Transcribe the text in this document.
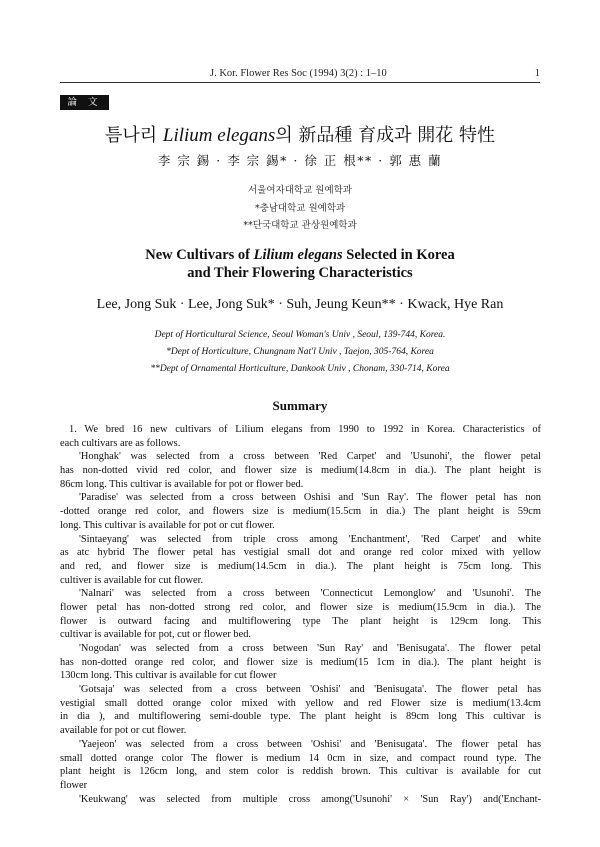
J. Kor. Flower Res Soc (1994) 3(2) : 1–10	1
論 文
틈나리 Lilium elegans의 新品種 育成과 開花 特性
李 宗 錫 · 李 宗 錫* · 徐 正 根** · 郭 惠 蘭
서울여자대학교 원예학과
*충남대학교 원예학과
**단국대학교 관상원예학과
New Cultivars of Lilium elegans Selected in Korea
and Their Flowering Characteristics
Lee, Jong Suk · Lee, Jong Suk* · Suh, Jeung Keun** · Kwack, Hye Ran
Dept of Horticultural Science, Seoul Woman's Univ , Seoul, 139-744, Korea.
*Dept of Horticulture, Chungnam Nat'l Univ , Taejon, 305-764, Korea
**Dept of Ornamental Horticulture, Dankook Univ , Chonam, 330-714, Korea
Summary
1. We bred 16 new cultivars of Lilium elegans from 1990 to 1992 in Korea. Characteristics of
each cultivars are as follows.
'Honghak' was selected from a cross between 'Red Carpet' and 'Usunohi', the flower petal
has non-dotted vivid red color, and flower size is medium(14.8cm in dia.). The plant height is
86cm long. This cultivar is available for pot or flower bed.
'Paradise' was selected from a cross between Oshisi and 'Sun Ray'. The flower petal has non
-dotted orange red color, and flowers size is medium(15.5cm in dia.) The plant height is 59cm
long. This cultivar is available for pot or cut flower.
'Sintaeyang' was selected from triple cross among 'Enchantment', 'Red Carpet' and white
as atc hybrid The flower petal has vestigial small dot and orange red color mixed with yellow
and red, and flower size is medium(14.5cm in dia.). The plant height is 75cm long. This
cultiver is available for cut flower.
'Nalnari' was selected from a cross between 'Connecticut Lemonglow' and 'Usunohi'. The
flower petal has non-dotted strong red color, and flower size is medium(15.9cm in dia.). The
flower is outward facing and multiflowering type The plant height is 129cm long. This
cultivar is available for pot, cut or flower bed.
'Nogodan' was selected from a cross between 'Sun Ray' and 'Benisugata'. The flower petal
has non-dotted orange red color, and flower size is medium(15 1cm in dia.). The plant height is
130cm long. This cultivar is available for cut flower
'Gotsaja' was selected from a cross between 'Oshisi' and 'Benisugata'. The flower petal has
vestigial small dotted orange color mixed with yellow and red Flower size is medium(13.4cm
in dia ), and multiflowering semi-double type. The plant height is 89cm long This cultivar is
available for pot or cut flower.
'Yaejeon' was selected from a cross between 'Oshisi' and 'Benisugata'. The flower petal has
small dotted orange color The flower is medium 14 0cm in size, and compact round type. The
plant height is 126cm long, and stem color is reddish brown. This cultivar is available for cut
flower
'Keukwang' was selected from multiple cross among('Usunohi' × 'Sun Ray') and('Enchant-
